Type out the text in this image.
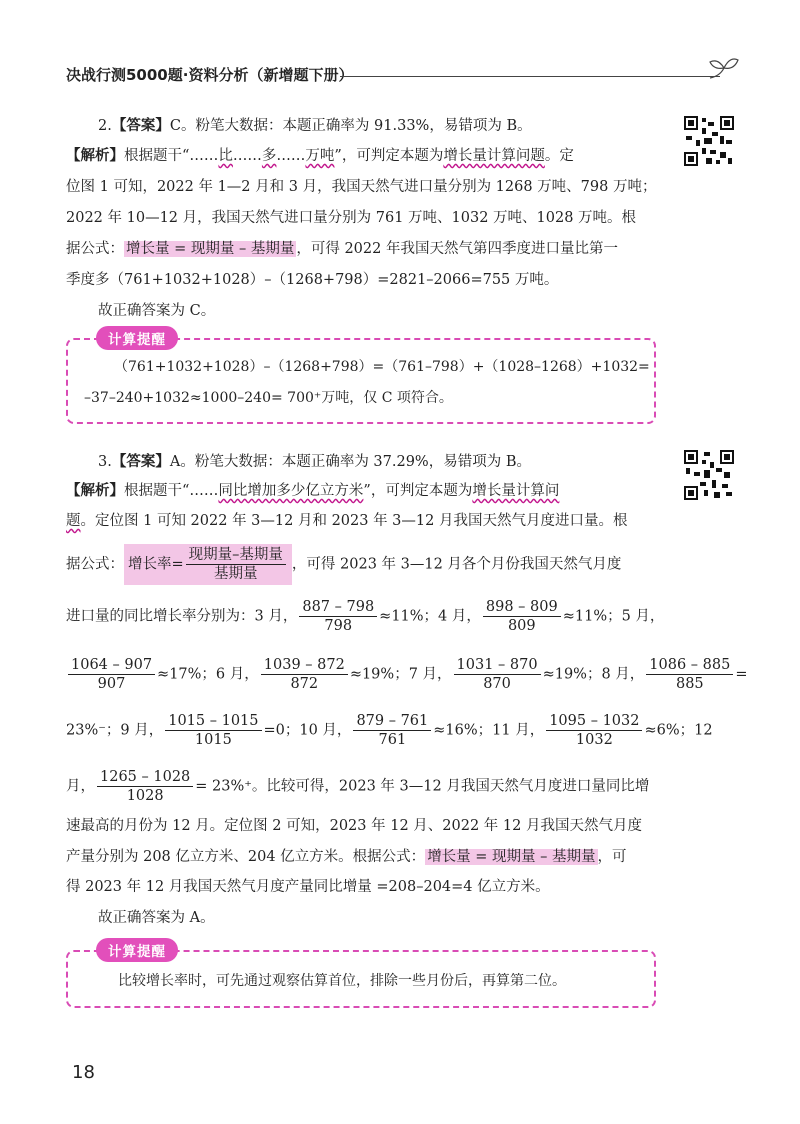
决战行测5000题·资料分析（新增题下册）
2.【答案】C。粉笔大数据：本题正确率为 91.33%，易错项为 B。
【解析】根据题干“……比……多……万吨”，可判定本题为增长量计算问题。定
位图 1 可知，2022 年 1—2 月和 3 月，我国天然气进口量分别为 1268 万吨、798 万吨；
2022 年 10—12 月，我国天然气进口量分别为 761 万吨、1032 万吨、1028 万吨。根
据公式： 增长量 = 现期量 – 基期量 ，可得 2022 年我国天然气第四季度进口量比第一
季度多（761+1032+1028）–（1268+798）=2821–2066=755 万吨。
故正确答案为 C。
计算提醒
（761+1032+1028）–（1268+798）=（761–798）+（1028–1268）+1032=
–37–240+1032≈1000–240= 700⁺万吨，仅 C 项符合。
3.【答案】A。粉笔大数据：本题正确率为 37.29%，易错项为 B。
【解析】根据题干“……同比增加多少亿立方米”，可判定本题为增长量计算问
题。定位图 1 可知 2022 年 3—12 月和 2023 年 3—12 月我国天然气月度进口量。根
据公式： 增长率= $\frac{\text{现期量–基期量}}{\text{基期量}}$ ，可得 2023 年 3—12 月各个月份我国天然气月度
进口量的同比增长率分别为：3 月， $\frac{887 - 798}{798} \approx 11\%$；4 月， $\frac{898 - 809}{809} \approx 11\%$；5 月，
$\frac{1064 - 907}{907} \approx 17\%$；6 月， $\frac{1039 - 872}{872} \approx 19\%$；7 月， $\frac{1031 - 870}{870} \approx 19\%$；8 月， $\frac{1086 - 885}{885}$ =
23%⁻；9 月， $\frac{1015 - 1015}{1015} =0$；10 月， $\frac{879 - 761}{761} \approx 16\%$；11 月， $\frac{1095 - 1032}{1032} \approx 6\%$；12
月， $\frac{1265 - 1028}{1028} = 23\%^+$。比较可得，2023 年 3—12 月我国天然气月度进口量同比增
速最高的月份为 12 月。定位图 2 可知，2023 年 12 月、2022 年 12 月我国天然气月度
产量分别为 208 亿立方米、204 亿立方米。根据公式： 增长量 = 现期量 – 基期量 ，可
得 2023 年 12 月我国天然气月度产量同比增量 =208–204=4 亿立方米。
故正确答案为 A。
计算提醒
比较增长率时，可先通过观察估算首位，排除一些月份后，再算第二位。
18
